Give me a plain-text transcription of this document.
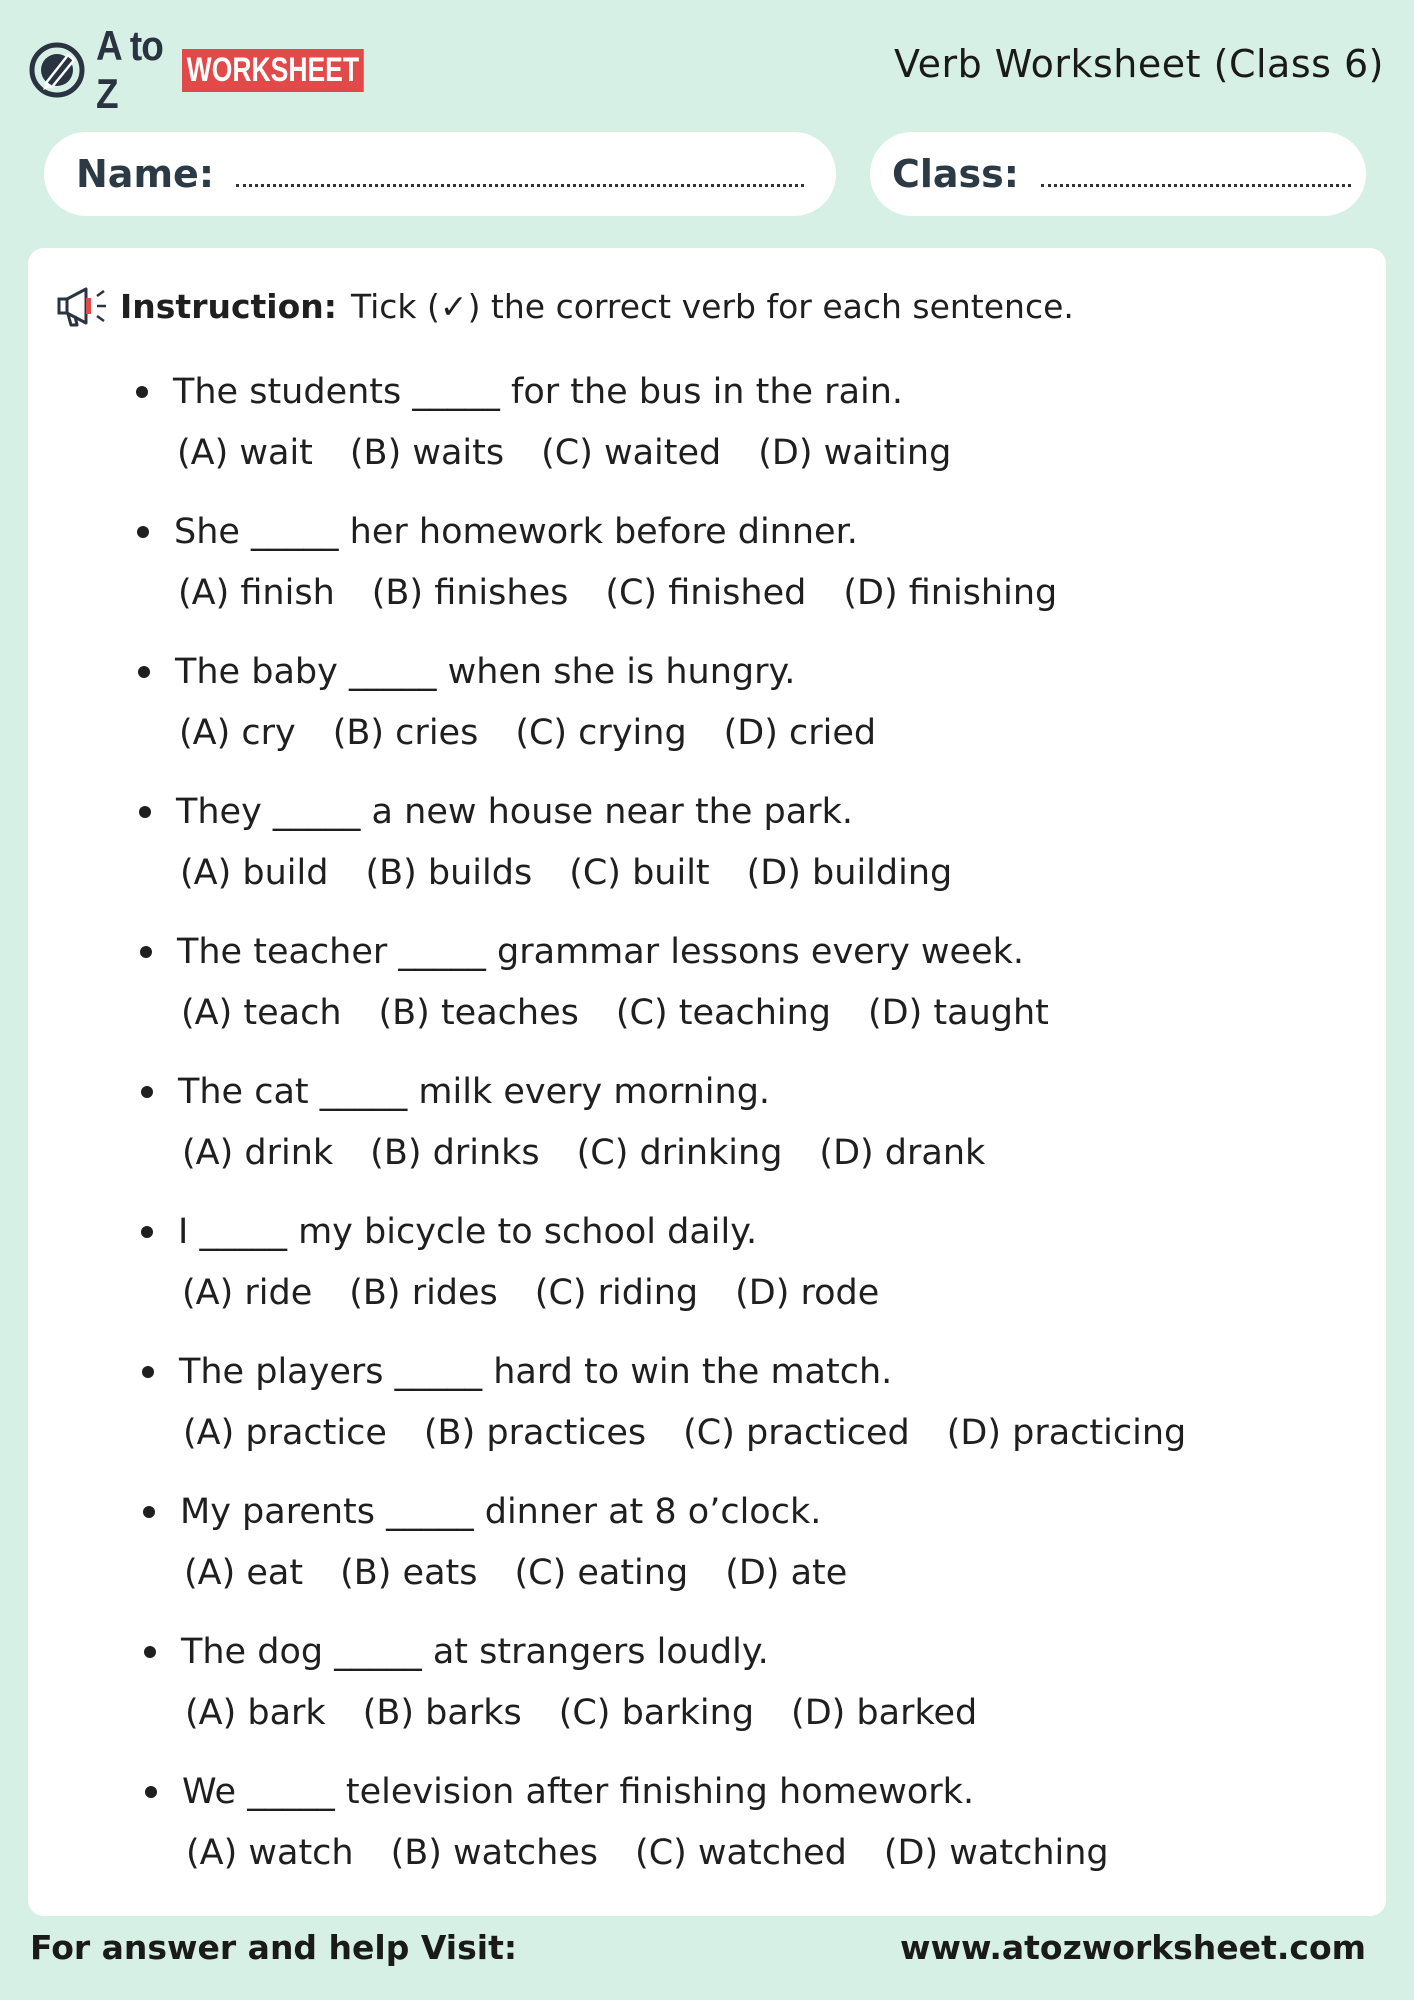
A to Z
WORKSHEET	Verb Worksheet (Class 6)
Name:	Class:
Instruction: Tick ( ✓ ) the correct verb for each sentence.
The students _____ for the bus in the rain.
(A) wait (B) waits (C) waited (D) waiting
She _____ her homework before dinner.
(A) finish (B) finishes (C) finished (D) finishing
The baby _____ when she is hungry.
(A) cry (B) cries (C) crying (D) cried
They _____ a new house near the park.
(A) build (B) builds (C) built (D) building
The teacher _____ grammar lessons every week.
(A) teach (B) teaches (C) teaching (D) taught
The cat _____ milk every morning.
(A) drink (B) drinks (C) drinking (D) drank
I _____ my bicycle to school daily.
(A) ride (B) rides (C) riding (D) rode
The players _____ hard to win the match.
(A) practice (B) practices (C) practiced (D) practicing
My parents _____ dinner at 8 o’clock.
(A) eat (B) eats (C) eating (D) ate
The dog _____ at strangers loudly.
(A) bark (B) barks (C) barking (D) barked
We _____ television after finishing homework.
(A) watch (B) watches (C) watched (D) watching
For answer and help Visit:	www.atozworksheet.com
